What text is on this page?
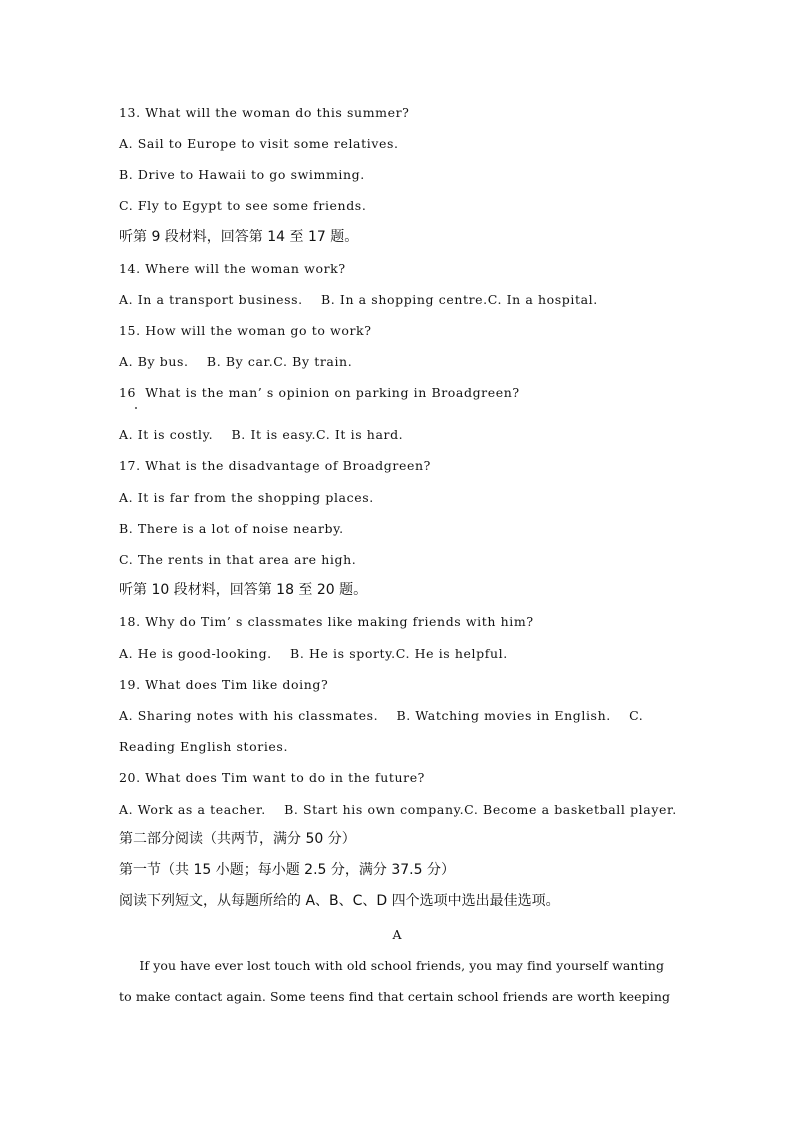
13. What will the woman do this summer?
A. Sail to Europe to visit some relatives.
B. Drive to Hawaii to go swimming.
C. Fly to Egypt to see some friends.
听第 9 段材料，回答第 14 至 17 题。
14. Where will the woman work?
A. In a transport business.    B. In a shopping centre.C. In a hospital.
15. How will the woman go to work?
A. By bus.    B. By car.C. By train.
16  What is the man’ s opinion on parking in Broadgreen?
A. It is costly.    B. It is easy.C. It is hard.
17. What is the disadvantage of Broadgreen?
A. It is far from the shopping places.
B. There is a lot of noise nearby.
C. The rents in that area are high.
听第 10 段材料，回答第 18 至 20 题。
18. Why do Tim’ s classmates like making friends with him?
A. He is good-looking.    B. He is sporty.C. He is helpful.
19. What does Tim like doing?
A. Sharing notes with his classmates.    B. Watching movies in English.    C.
Reading English stories.
20. What does Tim want to do in the future?
A. Work as a teacher.    B. Start his own company.C. Become a basketball player.
第二部分阅读（共两节，满分 50 分）
第一节（共 15 小题；每小题 2.5 分，满分 37.5 分）
阅读下列短文，从每题所给的 A、B、C、D 四个选项中选出最佳选项。
A
If you have ever lost touch with old school friends, you may find yourself wanting
to make contact again. Some teens find that certain school friends are worth keeping
